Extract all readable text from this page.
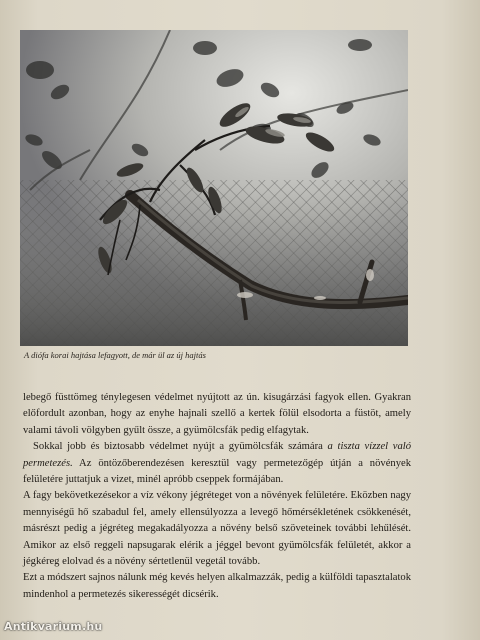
A diófa korai hajtása lefagyott, de már ül az új hajtás

lebegő füsttömeg ténylegesen védelmet nyújtott az ún. kisugárzási fagyok ellen. Gyakran előfordult azonban, hogy az enyhe hajnali szellő a kertek fölül elsodorta a füstöt, amely valami távoli völgyben gyűlt össze, a gyümölcsfák pedig elfagytak.

Sokkal jobb és biztosabb védelmet nyújt a gyümölcsfák számára a tiszta vízzel való permetezés. Az öntözőberendezésen keresztül vagy permetezőgép útján a növények felületére juttatjuk a vizet, minél apróbb cseppek formájában.

A fagy bekövetkezésekor a víz vékony jégréteget von a növények felületére. Eközben nagy mennyiségű hő szabadul fel, amely ellensúlyozza a levegő hőmérsékletének csökkenését, másrészt pedig a jégréteg megakadályozza a növény belső szöveteinek további lehűlését. Amikor az első reggeli napsugarak elérik a jéggel bevont gyümölcsfák felületét, akkor a jégkéreg elolvad és a növény sértetlenül vegetál tovább.

Ezt a módszert sajnos nálunk még kevés helyen alkalmazzák, pedig a külföldi tapasztalatok mindenhol a permetezés sikerességét dicsérik.

Antikvarium.hu
